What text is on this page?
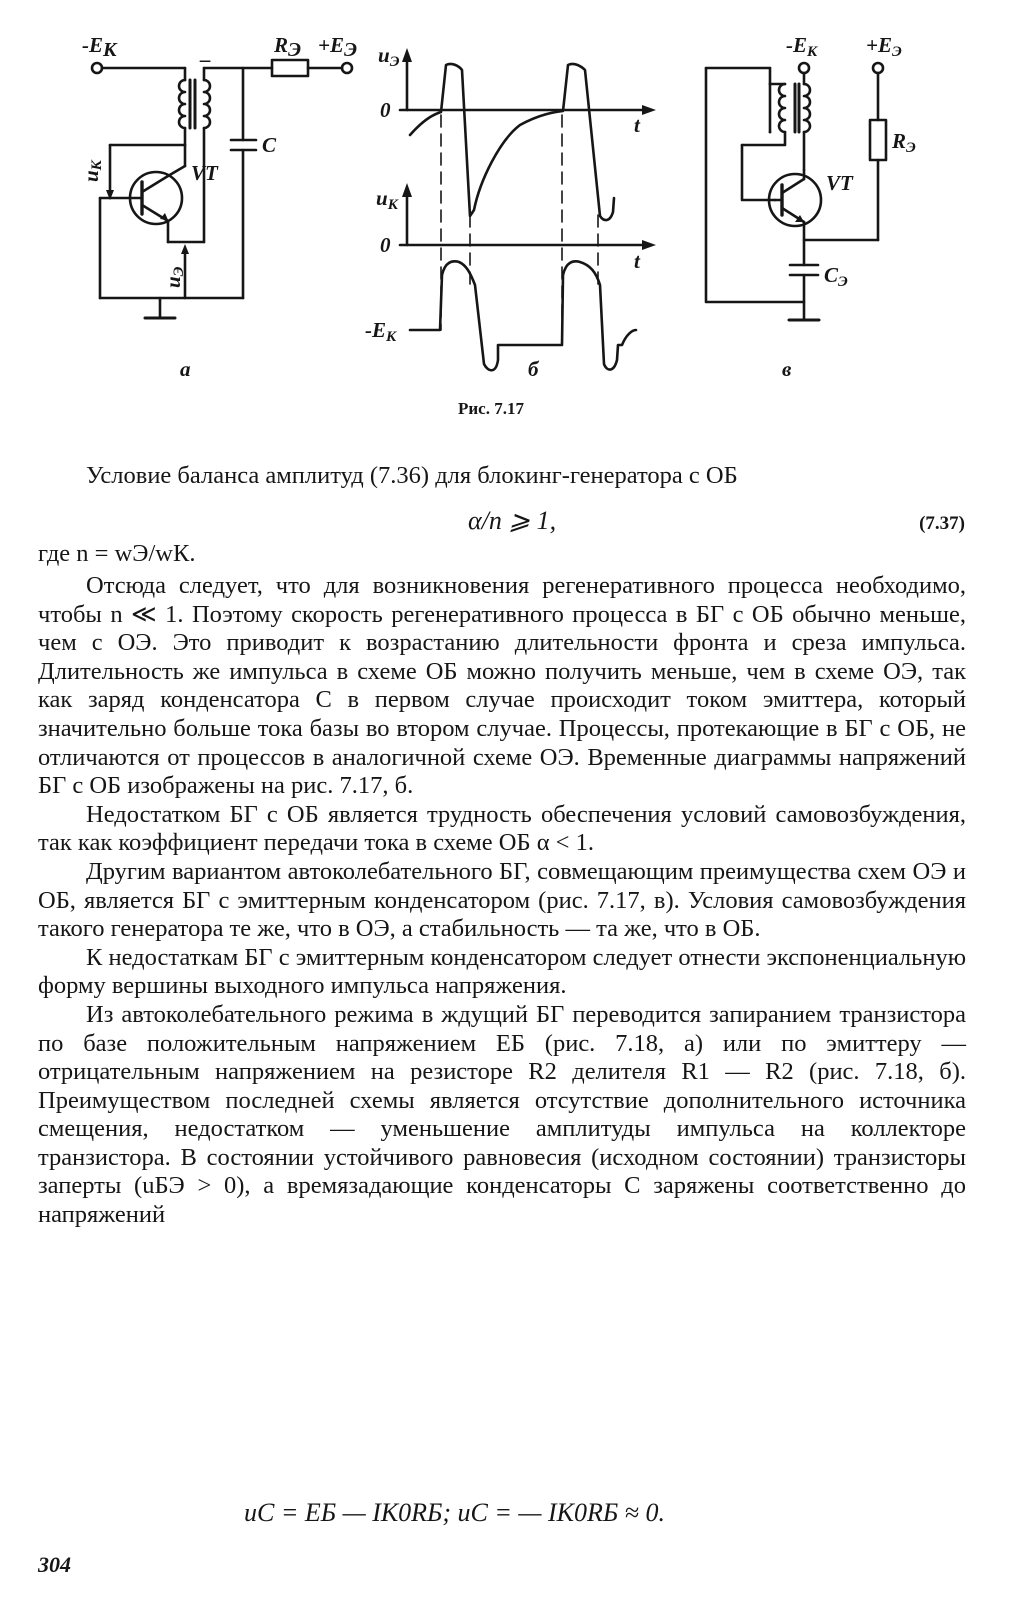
-EК	RЭ +EЭ
–
C
VT
uК
uЭ
а
uЭ
0
t
uК
0
t
-EК
б
-EК +EЭ
RЭ
VT
CЭ
в
Рис. 7.17

Условие баланса амплитуд (7.36) для блокинг-генератора с ОБ

α/n ⩾ 1,	(7.37)

где n = wЭ/wК.

Отсюда следует, что для возникновения регенеративного процесса необходимо, чтобы n ≪ 1. Поэтому скорость регенеративного процесса в БГ с ОБ обычно меньше, чем с ОЭ. Это приводит к возрастанию длительности фронта и среза импульса. Длительность же импульса в схеме ОБ можно получить меньше, чем в схеме ОЭ, так как заряд конденсатора C в первом случае происходит током эмиттера, который значительно больше тока базы во втором случае. Процессы, протекающие в БГ с ОБ, не отличаются от процессов в аналогичной схеме ОЭ. Временные диаграммы напряжений БГ с ОБ изображены на рис. 7.17, б.

Недостатком БГ с ОБ является трудность обеспечения условий самовозбуждения, так как коэффициент передачи тока в схеме ОБ α < 1.

Другим вариантом автоколебательного БГ, совмещающим преимущества схем ОЭ и ОБ, является БГ с эмиттерным конденсатором (рис. 7.17, в). Условия самовозбуждения такого генератора те же, что в ОЭ, а стабильность — та же, что в ОБ.

К недостаткам БГ с эмиттерным конденсатором следует отнести экспоненциальную форму вершины выходного импульса напряжения.

Из автоколебательного режима в ждущий БГ переводится запиранием транзистора по базе положительным напряжением EБ (рис. 7.18, а) или по эмиттеру — отрицательным напряжением на резисторе R2 делителя R1 — R2 (рис. 7.18, б). Преимуществом последней схемы является отсутствие дополнительного источника смещения, недостатком — уменьшение амплитуды импульса на коллекторе транзистора. В состоянии устойчивого равновесия (исходном состоянии) транзисторы заперты (uБЭ > 0), а времязадающие конденсаторы C заряжены соответственно до напряжений

uC = EБ — IК0RБ; uC = — IК0RБ ≈ 0.
304
